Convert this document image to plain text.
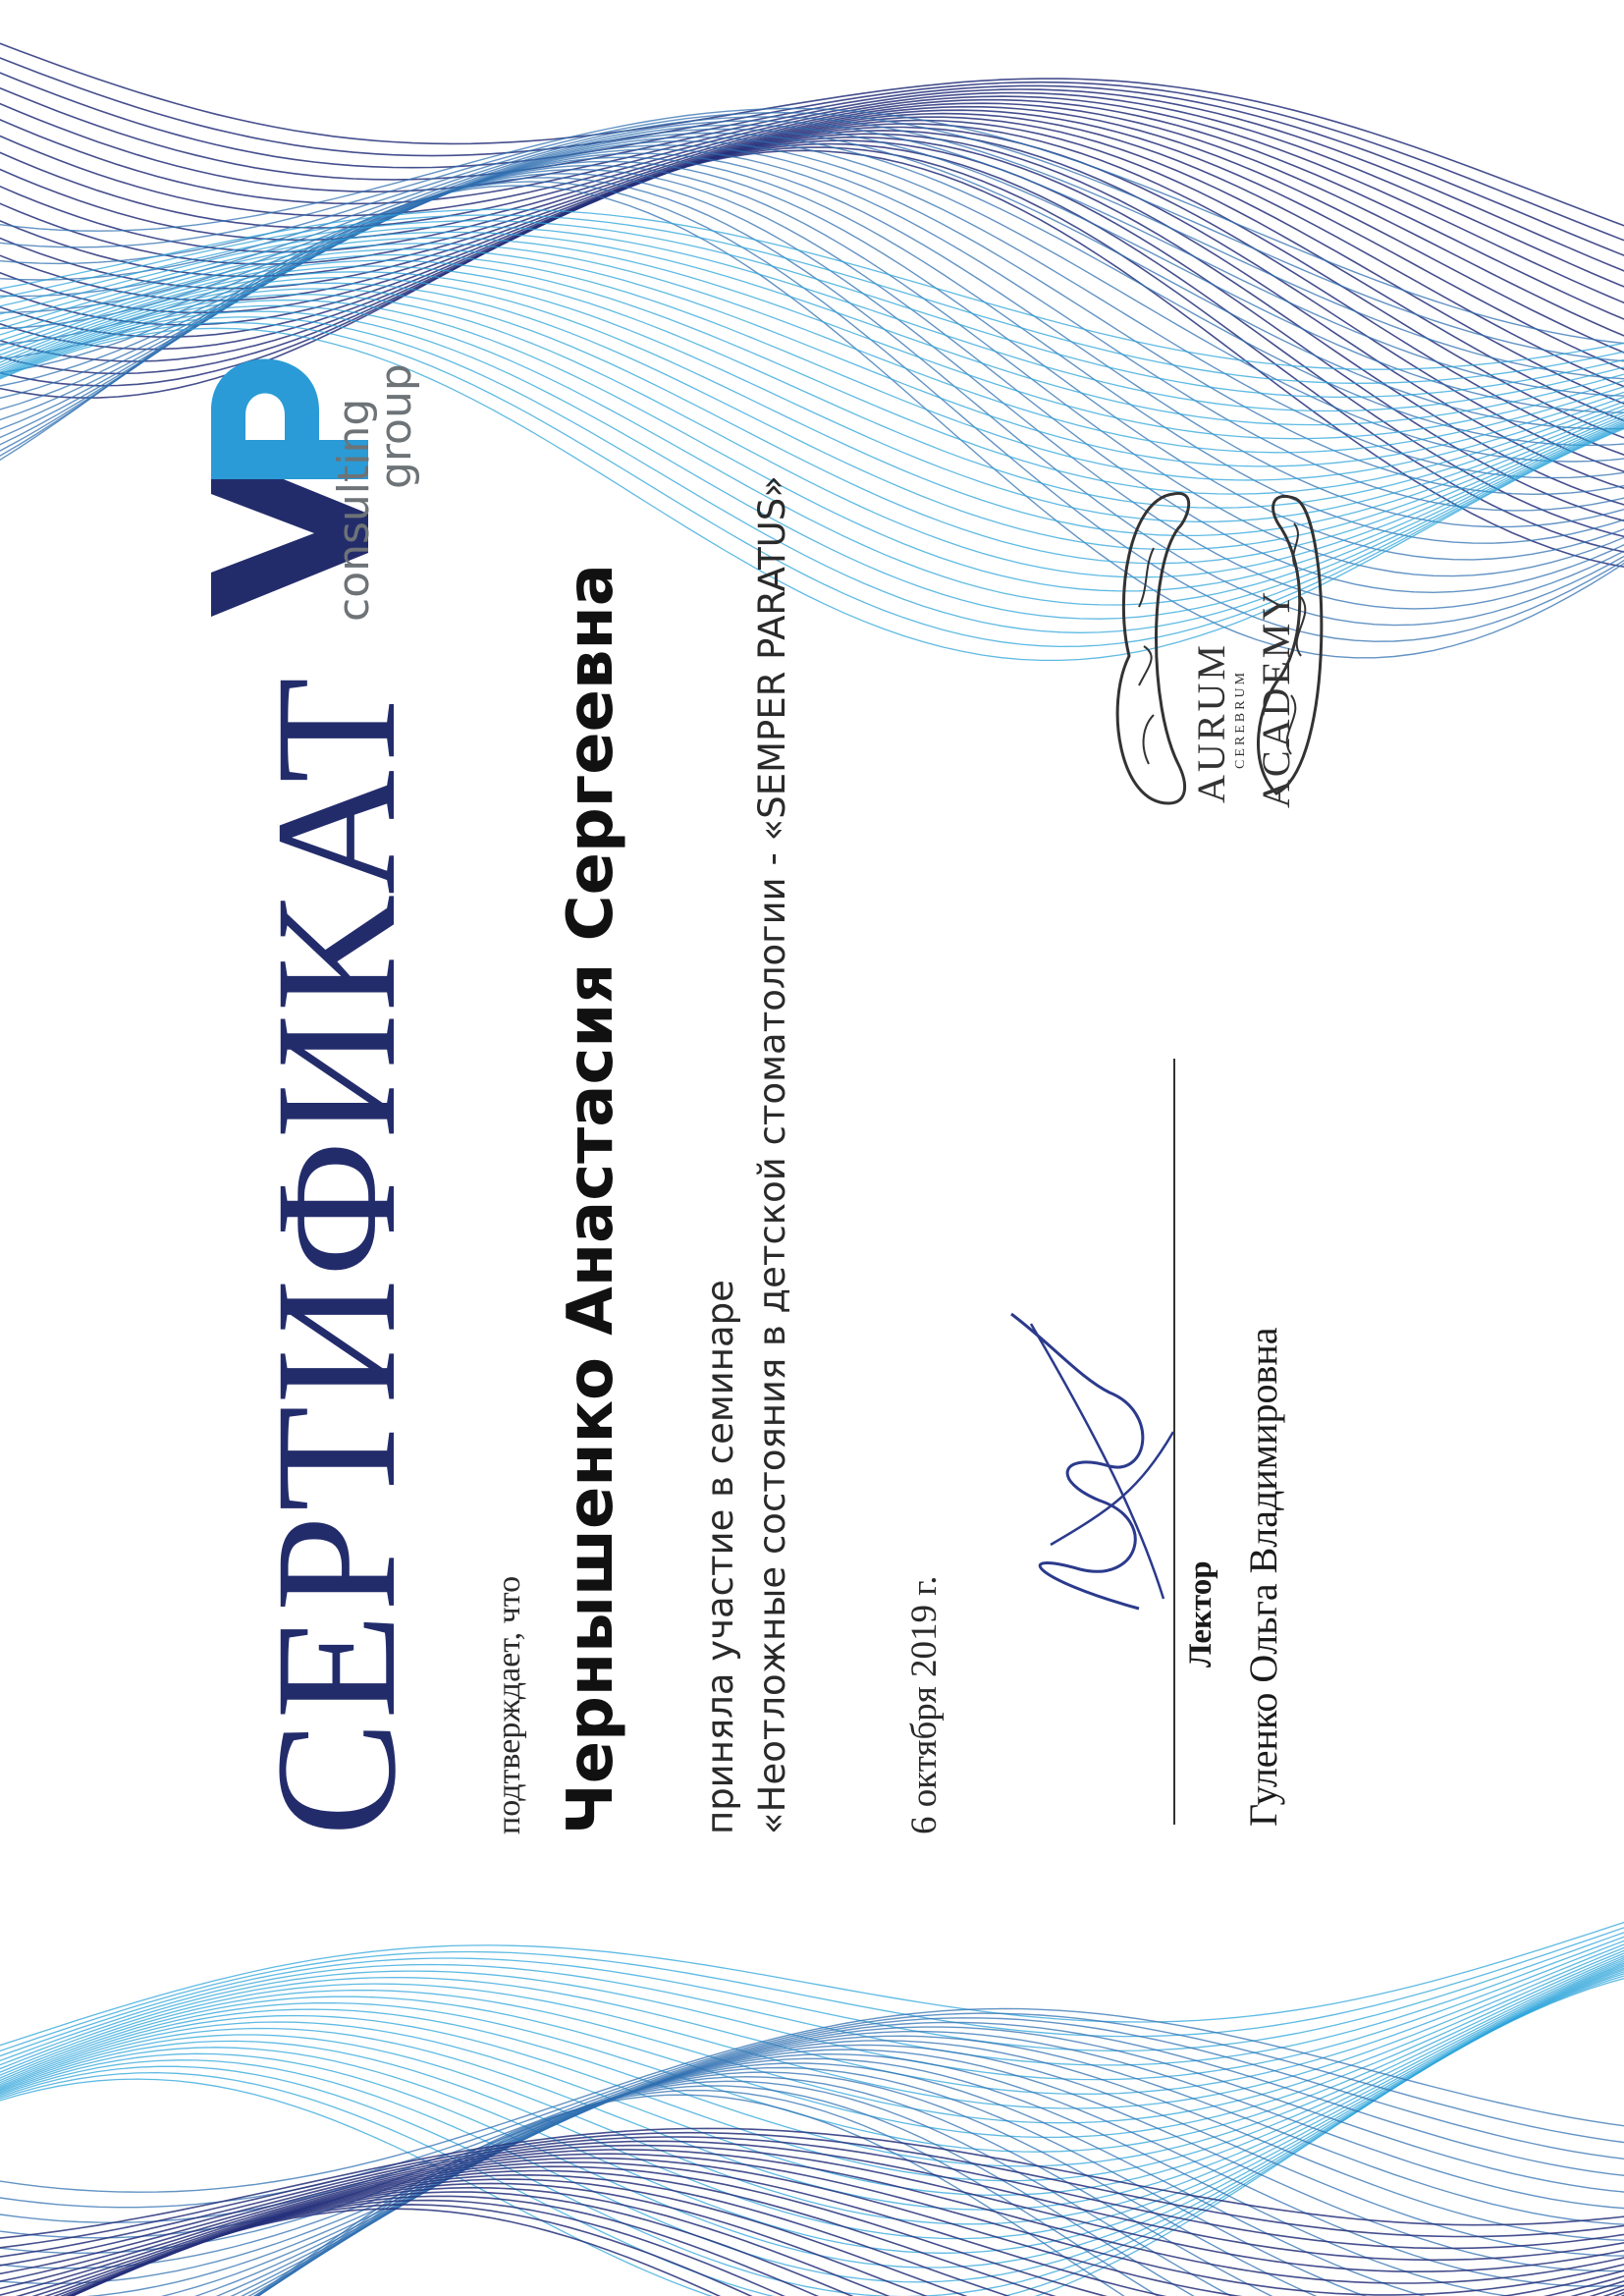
СЕРТИФИКАТ подтверждает, что Чернышенко Анастасия Сергеевна приняла участие в семинаре «Неотложные состояния в детской стоматологии - «SEMPER PARATUS»	6 октября 2019 г.	Лектор Гуленко Ольга Владимировна
consulting
group
AURUM CEREBRUM ACADEMY
